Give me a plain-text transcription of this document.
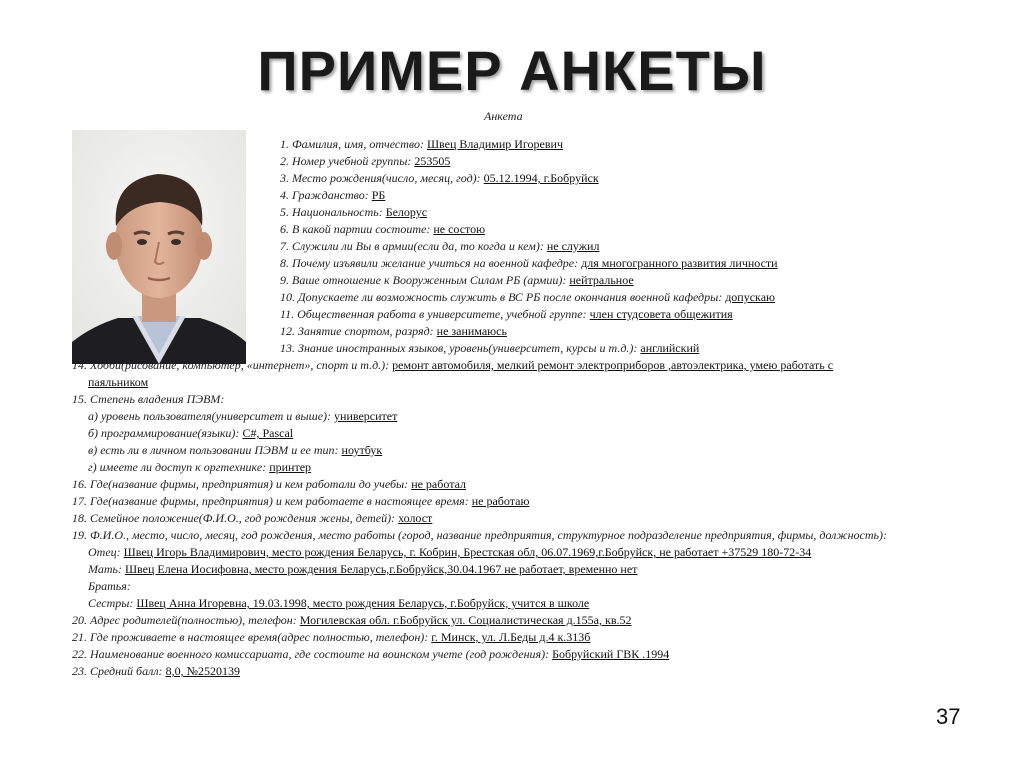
ПРИМЕР АНКЕТЫ
Анкета
1. Фамилия, имя, отчество: Швец Владимир Игоревич
2. Номер учебной группы: 253505
3. Место рождения(число, месяц, год): 05.12.1994, г.Бобруйск
4. Гражданство: РБ
5. Национальность: Белорус
6. В какой партии состоите: не состою
7. Служили ли Вы в армии(если да, то когда и кем): не служил
8. Почему изъявили желание учиться на военной кафедре: для многогранного развития личности
9. Ваше отношение к Вооруженным Силам РБ (армии): нейтральное
10. Допускаете ли возможность служить в ВС РБ после окончания военной кафедры: допускаю
11. Общественная работа в университете, учебной группе: член студсовета общежития
12. Занятие спортом, разряд: не занимаюсь
13. Знание иностранных языков, уровень(университет, курсы и т.д.): английский
14. Хобби(рисование, компьютер, «интернет», спорт и т.д.): ремонт автомобиля, мелкий ремонт электроприборов ,автоэлектрика, умею работать с
паяльником
15. Степень владения ПЭВМ:
а) уровень пользователя(университет и выше): университет
б) программирование(языки): C#, Pascal
в) есть ли в личном пользовании ПЭВМ и ее тип: ноутбук
г) имеете ли доступ к оргтехнике: принтер
16. Где(название фирмы, предприятия) и кем работали до учебы: не работал
17. Где(название фирмы, предприятия) и кем работаете в настоящее время: не работаю
18. Семейное положение(Ф.И.О., год рождения жены, детей): холост
19. Ф.И.О., место, число, месяц, год рождения, место работы (город, название предприятия, структурное подразделение предприятия, фирмы, должность):
Отец: Швец Игорь Владимирович, место рождения Беларусь, г. Кобрин, Брестская обл, 06.07.1969,г.Бобруйск, не работает +37529 180-72-34
Мать: Швец Елена Иосифовна, место рождения Беларусь,г.Бобруйск,30.04.1967 не работает, временно нет
Братья:
Сестры: Швец Анна Игоревна, 19.03.1998, место рождения Беларусь, г.Бобруйск, учится в школе
20. Адрес родителей(полностью), телефон: Могилевская обл. г.Бобруйск ул. Социалистическая д.155а, кв.52
21. Где проживаете в настоящее время(адрес полностью, телефон): г. Минск, ул. Л.Беды д.4 к.313б
22. Наименование военного комиссариата, где состоите на воинском учете (год рождения): Бобруйский ГВК .1994
23. Средний балл: 8,0, №2520139
37
